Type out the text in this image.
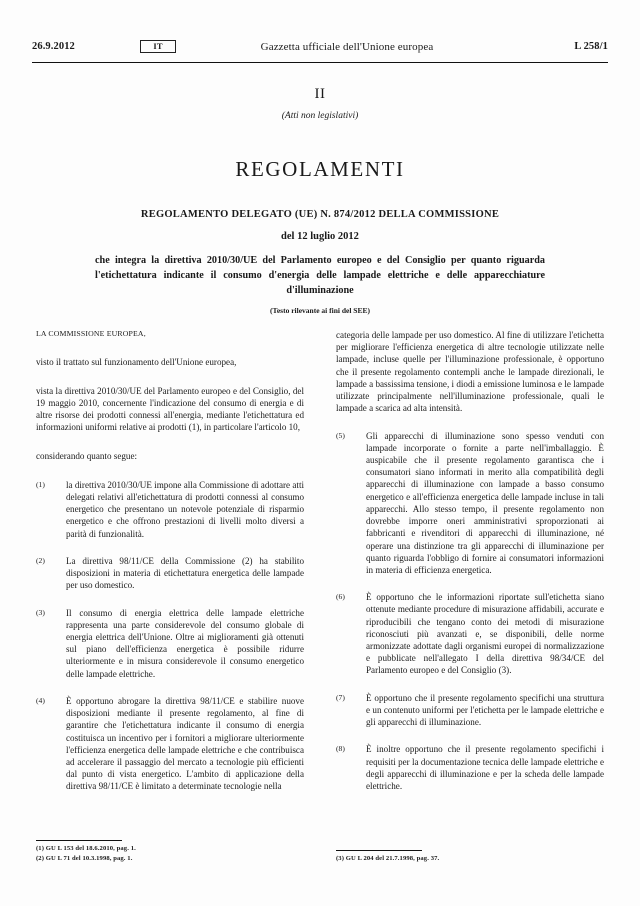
26.9.2012	IT	Gazzetta ufficiale dell'Unione europea	L 258/1
II
(Atti non legislativi)
REGOLAMENTI
REGOLAMENTO DELEGATO (UE) N. 874/2012 DELLA COMMISSIONE
del 12 luglio 2012
che integra la direttiva 2010/30/UE del Parlamento europeo e del Consiglio per quanto riguarda l'etichettatura indicante il consumo d'energia delle lampade elettriche e delle apparecchiature d'illuminazione
(Testo rilevante ai fini del SEE)

LA COMMISSIONE EUROPEA,

visto il trattato sul funzionamento dell'Unione europea,

vista la direttiva 2010/30/UE del Parlamento europeo e del Consiglio, del 19 maggio 2010, concernente l'indicazione del consumo di energia e di altre risorse dei prodotti connessi all'energia, mediante l'etichettatura ed informazioni uniformi relative ai prodotti (1), in particolare l'articolo 10,

considerando quanto segue:

(1)	la direttiva 2010/30/UE impone alla Commissione di adottare atti delegati relativi all'etichettatura di prodotti connessi al consumo energetico che presentano un notevole potenziale di risparmio energetico e che offrono prestazioni di livelli molto diversi a parità di funzionalità.
(2)	La direttiva 98/11/CE della Commissione (2) ha stabilito disposizioni in materia di etichettatura energetica delle lampade per uso domestico.
(3)	Il consumo di energia elettrica delle lampade elettriche rappresenta una parte considerevole del consumo globale di energia elettrica dell'Unione. Oltre ai miglioramenti già ottenuti sul piano dell'efficienza energetica è possibile ridurre ulteriormente e in misura considerevole il consumo energetico delle lampade elettriche.
(4)	È opportuno abrogare la direttiva 98/11/CE e stabilire nuove disposizioni mediante il presente regolamento, al fine di garantire che l'etichettatura indicante il consumo di energia costituisca un incentivo per i fornitori a migliorare ulteriormente l'efficienza energetica delle lampade elettriche e che contribuisca ad accelerare il passaggio del mercato a tecnologie più efficienti dal punto di vista energetico. L'ambito di applicazione della direttiva 98/11/CE è limitato a determinate tecnologie nella

categoria delle lampade per uso domestico. Al fine di utilizzare l'etichetta per migliorare l'efficienza energetica di altre tecnologie utilizzate nelle lampade, incluse quelle per l'illuminazione professionale, è opportuno che il presente regolamento contempli anche le lampade direzionali, le lampade a bassissima tensione, i diodi a emissione luminosa e le lampade utilizzate principalmente nell'illuminazione professionale, quali le lampade a scarica ad alta intensità.

(5)	Gli apparecchi di illuminazione sono spesso venduti con lampade incorporate o fornite a parte nell'imballaggio. È auspicabile che il presente regolamento garantisca che i consumatori siano informati in merito alla compatibilità degli apparecchi di illuminazione con lampade a basso consumo energetico e all'efficienza energetica delle lampade incluse in tali apparecchi. Allo stesso tempo, il presente regolamento non dovrebbe imporre oneri amministrativi sproporzionati ai fabbricanti e rivenditori di apparecchi di illuminazione, né operare una distinzione tra gli apparecchi di illuminazione per quanto riguarda l'obbligo di fornire ai consumatori informazioni in materia di efficienza energetica.
(6)	È opportuno che le informazioni riportate sull'etichetta siano ottenute mediante procedure di misurazione affidabili, accurate e riproducibili che tengano conto dei metodi di misurazione riconosciuti più avanzati e, se disponibili, delle norme armonizzate adottate dagli organismi europei di normalizzazione e pubblicate nell'allegato I della direttiva 98/34/CE del Parlamento europeo e del Consiglio (3).
(7)	È opportuno che il presente regolamento specifichi una struttura e un contenuto uniformi per l'etichetta per le lampade elettriche e gli apparecchi di illuminazione.
(8)	È inoltre opportuno che il presente regolamento specifichi i requisiti per la documentazione tecnica delle lampade elettriche e degli apparecchi di illuminazione e per la scheda delle lampade elettriche.

(1) GU L 153 del 18.6.2010, pag. 1.

(2) GU L 71 del 10.3.1998, pag. 1.	(3) GU L 204 del 21.7.1998, pag. 37.
